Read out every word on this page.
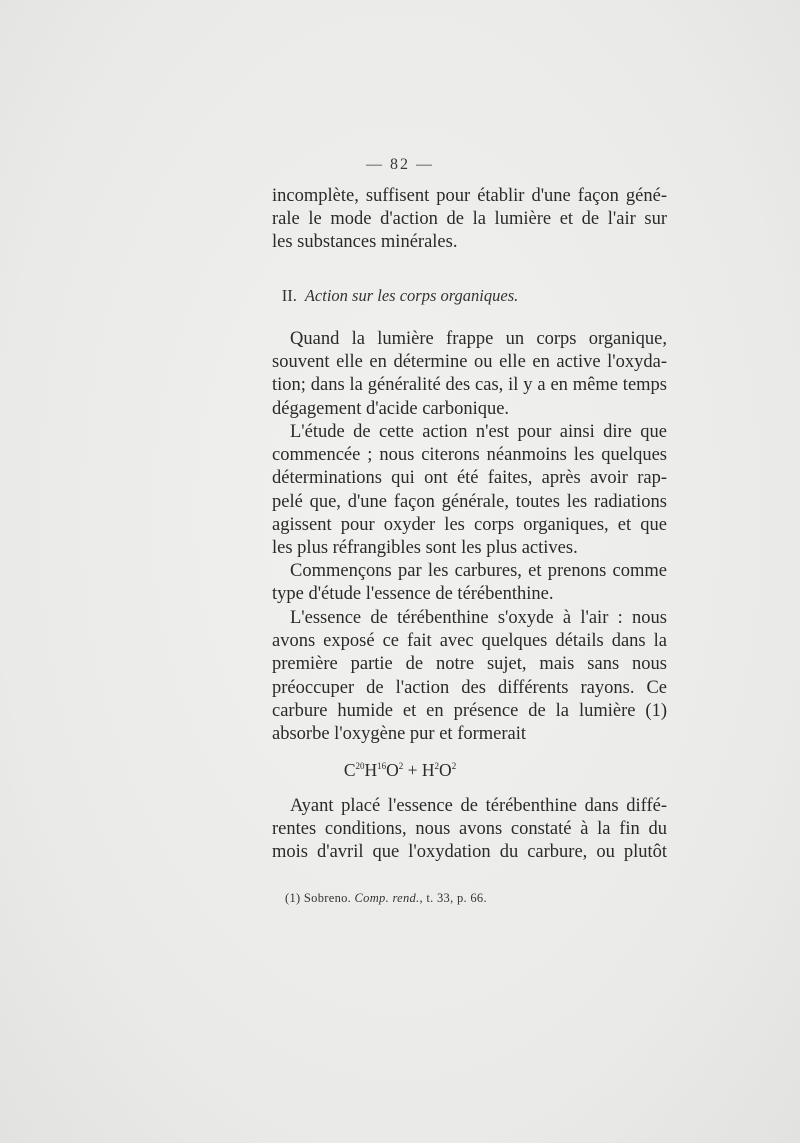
— 82 —
incomplète, suffisent pour établir d'une façon géné-
rale le mode d'action de la lumière et de l'air sur
les substances minérales.
II. Action sur les corps organiques.
Quand la lumière frappe un corps organique,
souvent elle en détermine ou elle en active l'oxyda-
tion; dans la généralité des cas, il y a en même temps
dégagement d'acide carbonique.
L'étude de cette action n'est pour ainsi dire que
commencée ; nous citerons néanmoins les quelques
déterminations qui ont été faites, après avoir rap-
pelé que, d'une façon générale, toutes les radiations
agissent pour oxyder les corps organiques, et que
les plus réfrangibles sont les plus actives.
Commençons par les carbures, et prenons comme
type d'étude l'essence de térébenthine.
L'essence de térébenthine s'oxyde à l'air : nous
avons exposé ce fait avec quelques détails dans la
première partie de notre sujet, mais sans nous
préoccuper de l'action des différents rayons. Ce
carbure humide et en présence de la lumière (1)
absorbe l'oxygène pur et formerait
$C^{20}H^{16}O^2 + H^2O^2$
Ayant placé l'essence de térébenthine dans diffé-
rentes conditions, nous avons constaté à la fin du
mois d'avril que l'oxydation du carbure, ou plutôt
(1) Sobreno. Comp. rend., t. 33, p. 66.
